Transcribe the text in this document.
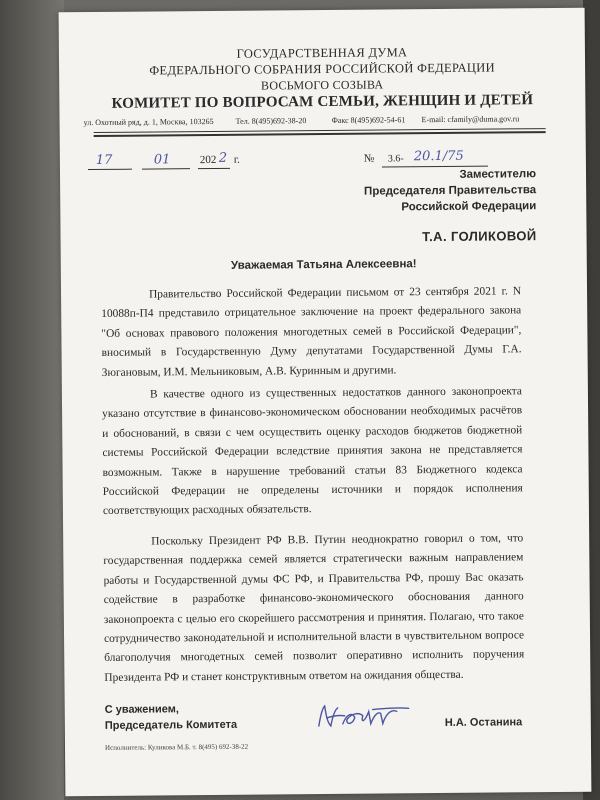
ГОСУДАРСТВЕННАЯ ДУМА
ФЕДЕРАЛЬНОГО СОБРАНИЯ РОССИЙСКОЙ ФЕДЕРАЦИИ
ВОСЬМОГО СОЗЫВА
КОМИТЕТ ПО ВОПРОСАМ СЕМЬИ, ЖЕНЩИН И ДЕТЕЙ
ул. Охотный ряд, д. 1, Москва, 103265	Тел. 8(495)692-38-20	Факс 8(495)692-54-61 E-mail: cfamily@duma.gov.ru
17	01	202 2 г.	№ 3.6- 20.1/75
Заместителю
Председателя Правительства
Российской Федерации
Т.А. ГОЛИКОВОЙ
Уважаемая Татьяна Алексеевна!
Правительство Российской Федерации письмом от 23 сентября 2021 г. N 10088п-П4 представило отрицательное заключение на проект федерального закона "Об основах правового положения многодетных семей в Российской Федерации", вносимый в Государственную Думу депутатами Государственной Думы Г.А. Зюгановым, И.М. Мельниковым, А.В. Куринным и другими.
В качестве одного из существенных недостатков данного законопроекта указано отсутствие в финансово-экономическом обосновании необходимых расчётов и обоснований, в связи с чем осуществить оценку расходов бюджетов бюджетной системы Российской Федерации вследствие принятия закона не представляется возможным. Также в нарушение требований статьи 83 Бюджетного кодекса Российской Федерации не определены источники и порядок исполнения соответствующих расходных обязательств.
Поскольку Президент РФ В.В. Путин неоднократно говорил о том, что государственная поддержка семей является стратегически важным направлением работы и Государственной думы ФС РФ, и Правительства РФ, прошу Вас оказать содействие в разработке финансово-экономического обоснования данного законопроекта с целью его скорейшего рассмотрения и принятия. Полагаю, что такое сотрудничество законодательной и исполнительной власти в чувствительном вопросе благополучия многодетных семей позволит оперативно исполнить поручения Президента РФ и станет конструктивным ответом на ожидания общества.
С уважением,
Председатель Комитета	Н.А. Останина
Исполнитель: Куликова М.Б. т. 8(495) 692-38-22
